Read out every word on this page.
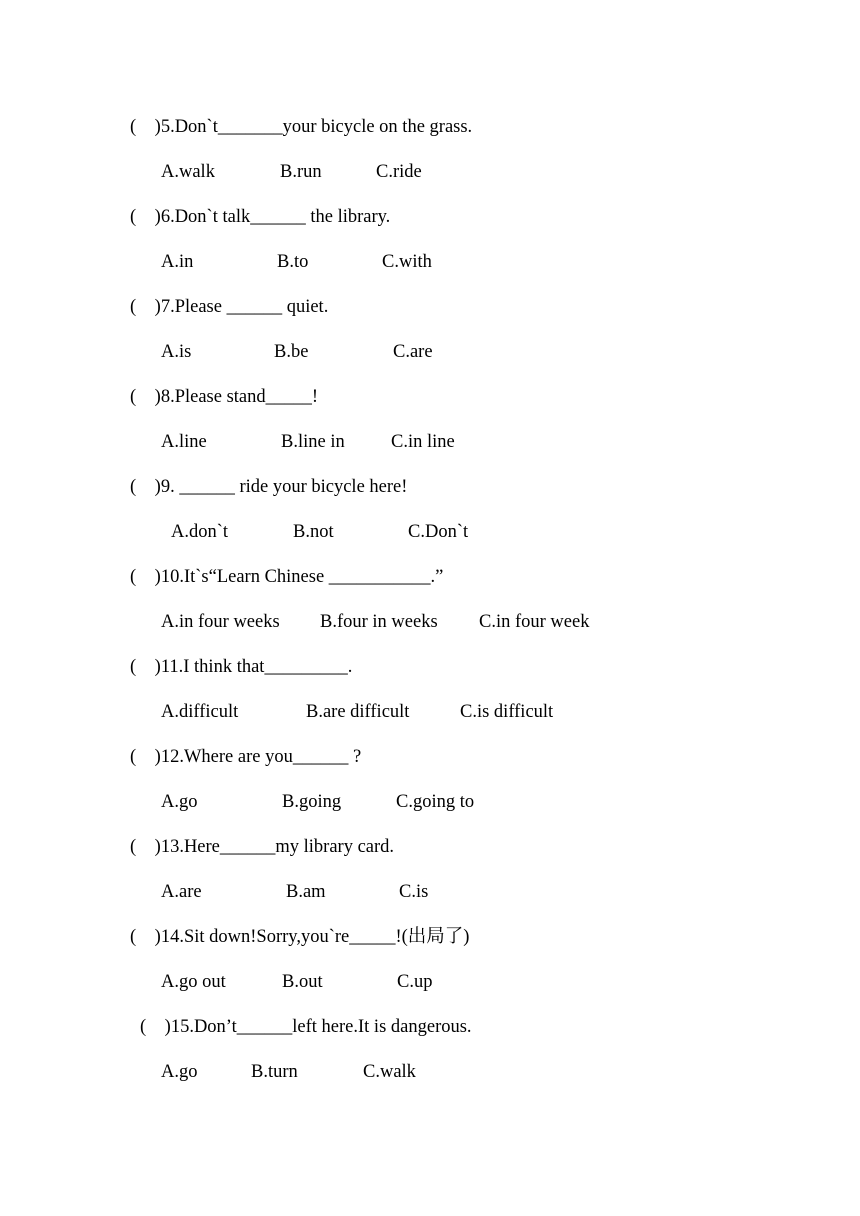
(    )5.Don`t_______your bicycle on the grass.
A.walk	B.run	C.ride
(    )6.Don`t talk______ the library.
A.in	B.to	C.with
(    )7.Please ______ quiet.
A.is	B.be	C.are
(    )8.Please stand_____!
A.line	B.line in	C.in line
(    )9. ______ ride your bicycle here!
A.don`t	B.not	C.Don`t
(    )10.It`s“Learn Chinese ___________.”
A.in four weeks B.four in weeks C.in four week
(    )11.I think that_________.
A.difficult	B.are difficult	C.is difficult
(    )12.Where are you______ ?
A.go	B.going	C.going to
(    )13.Here______my library card.
A.are	B.am	C.is
(    )14.Sit down!Sorry,you`re_____!(出局了)
A.go out	B.out	C.up
(    )15.Don’t______left here.It is dangerous.
A.go	B.turn	C.walk
